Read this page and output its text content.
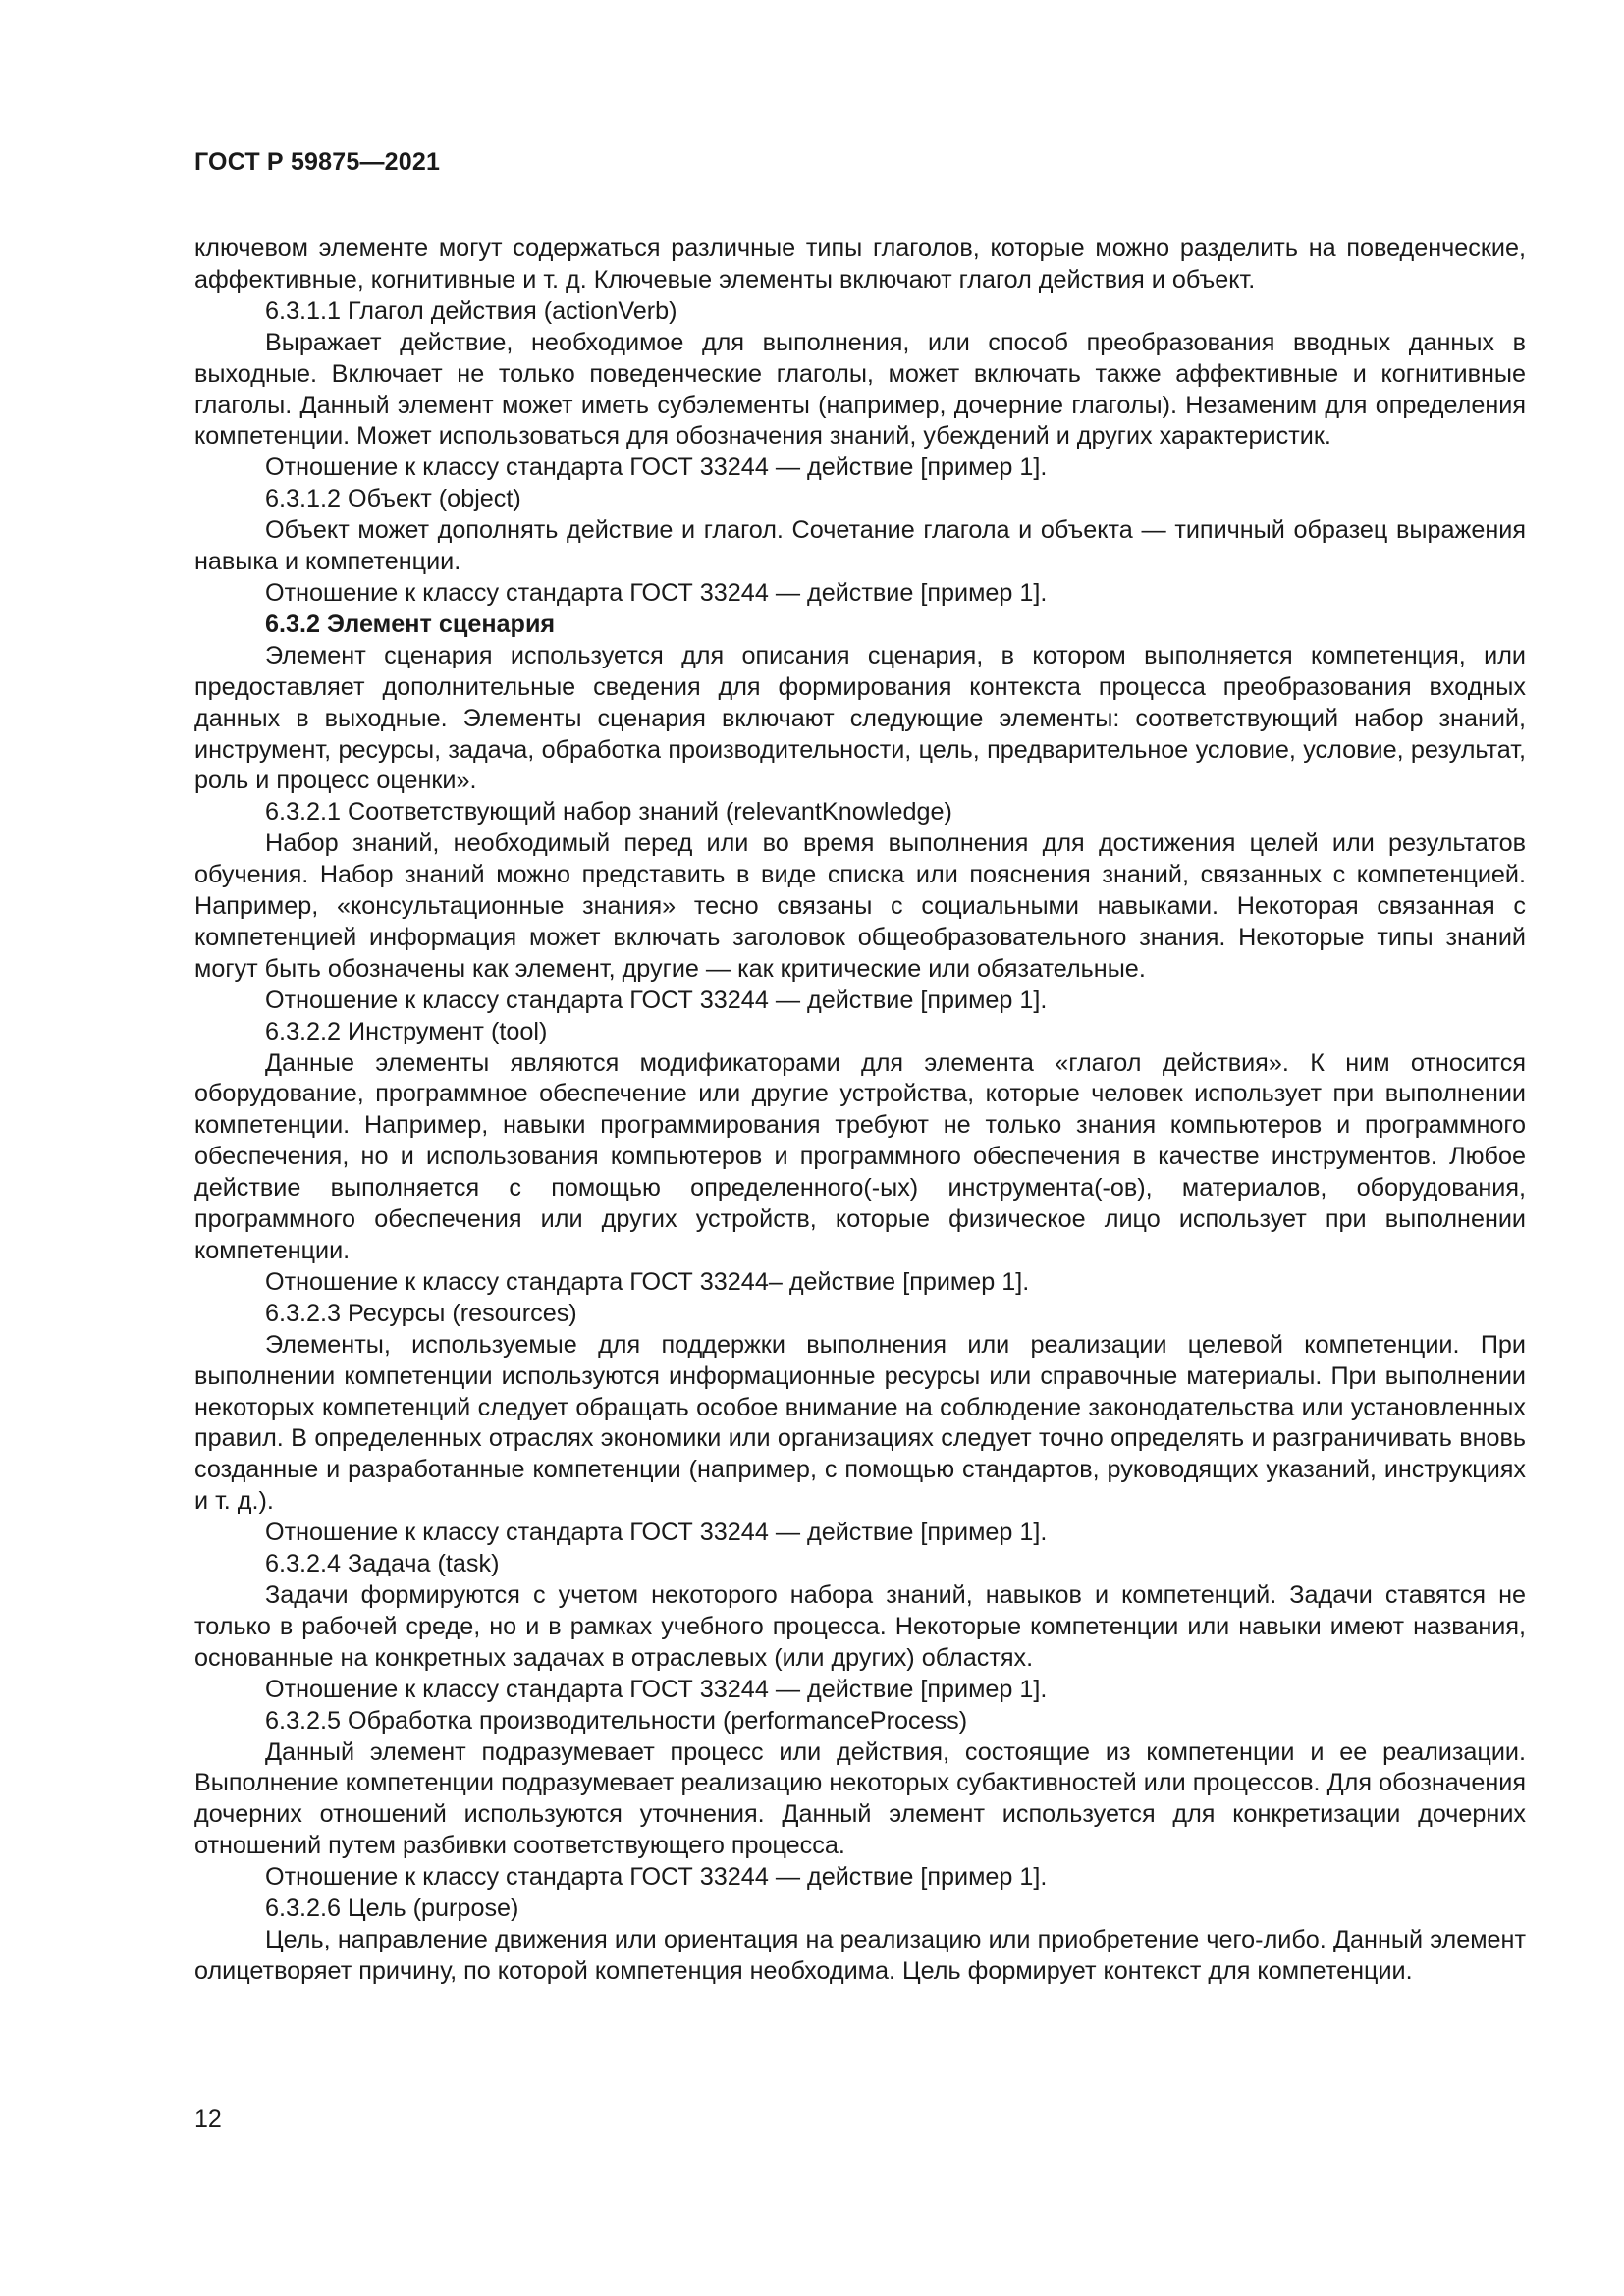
ГОСТ Р 59875—2021

ключевом элементе могут содержаться различные типы глаголов, которые можно разделить на поведенческие, аффективные, когнитивные и т. д. Ключевые элементы включают глагол действия и объект.

6.3.1.1 Глагол действия (actionVerb)

Выражает действие, необходимое для выполнения, или способ преобразования вводных данных в выходные. Включает не только поведенческие глаголы, может включать также аффективные и когнитивные глаголы. Данный элемент может иметь субэлементы (например, дочерние глаголы). Незаменим для определения компетенции. Может использоваться для обозначения знаний, убеждений и других характеристик.

Отношение к классу стандарта ГОСТ 33244 — действие [пример 1].

6.3.1.2 Объект (object)

Объект может дополнять действие и глагол. Сочетание глагола и объекта — типичный образец выражения навыка и компетенции.

Отношение к классу стандарта ГОСТ 33244 — действие [пример 1].

6.3.2 Элемент сценария

Элемент сценария используется для описания сценария, в котором выполняется компетенция, или предоставляет дополнительные сведения для формирования контекста процесса преобразования входных данных в выходные. Элементы сценария включают следующие элементы: соответствующий набор знаний, инструмент, ресурсы, задача, обработка производительности, цель, предварительное условие, условие, результат, роль и процесс оценки».

6.3.2.1 Соответствующий набор знаний (relevantKnowledge)

Набор знаний, необходимый перед или во время выполнения для достижения целей или результатов обучения. Набор знаний можно представить в виде списка или пояснения знаний, связанных с компетенцией. Например, «консультационные знания» тесно связаны с социальными навыками. Некоторая связанная с компетенцией информация может включать заголовок общеобразовательного знания. Некоторые типы знаний могут быть обозначены как элемент, другие — как критические или обязательные.

Отношение к классу стандарта ГОСТ 33244 — действие [пример 1].

6.3.2.2 Инструмент (tool)

Данные элементы являются модификаторами для элемента «глагол действия». К ним относится оборудование, программное обеспечение или другие устройства, которые человек использует при выполнении компетенции. Например, навыки программирования требуют не только знания компьютеров и программного обеспечения, но и использования компьютеров и программного обеспечения в качестве инструментов. Любое действие выполняется с помощью определенного(-ых) инструмента(-ов), материалов, оборудования, программного обеспечения или других устройств, которые физическое лицо использует при выполнении компетенции.

Отношение к классу стандарта ГОСТ 33244– действие [пример 1].

6.3.2.3 Ресурсы (resources)

Элементы, используемые для поддержки выполнения или реализации целевой компетенции. При выполнении компетенции используются информационные ресурсы или справочные материалы. При выполнении некоторых компетенций следует обращать особое внимание на соблюдение законодательства или установленных правил. В определенных отраслях экономики или организациях следует точно определять и разграничивать вновь созданные и разработанные компетенции (например, с помощью стандартов, руководящих указаний, инструкциях и т. д.).

Отношение к классу стандарта ГОСТ 33244 — действие [пример 1].

6.3.2.4 Задача (task)

Задачи формируются с учетом некоторого набора знаний, навыков и компетенций. Задачи ставятся не только в рабочей среде, но и в рамках учебного процесса. Некоторые компетенции или навыки имеют названия, основанные на конкретных задачах в отраслевых (или других) областях.

Отношение к классу стандарта ГОСТ 33244 — действие [пример 1].

6.3.2.5 Обработка производительности (performanceProcess)

Данный элемент подразумевает процесс или действия, состоящие из компетенции и ее реализации. Выполнение компетенции подразумевает реализацию некоторых субактивностей или процессов. Для обозначения дочерних отношений используются уточнения. Данный элемент используется для конкретизации дочерних отношений путем разбивки соответствующего процесса.

Отношение к классу стандарта ГОСТ 33244 — действие [пример 1].

6.3.2.6 Цель (purpose)

Цель, направление движения или ориентация на реализацию или приобретение чего-либо. Данный элемент олицетворяет причину, по которой компетенция необходима. Цель формирует контекст для компетенции.

12
